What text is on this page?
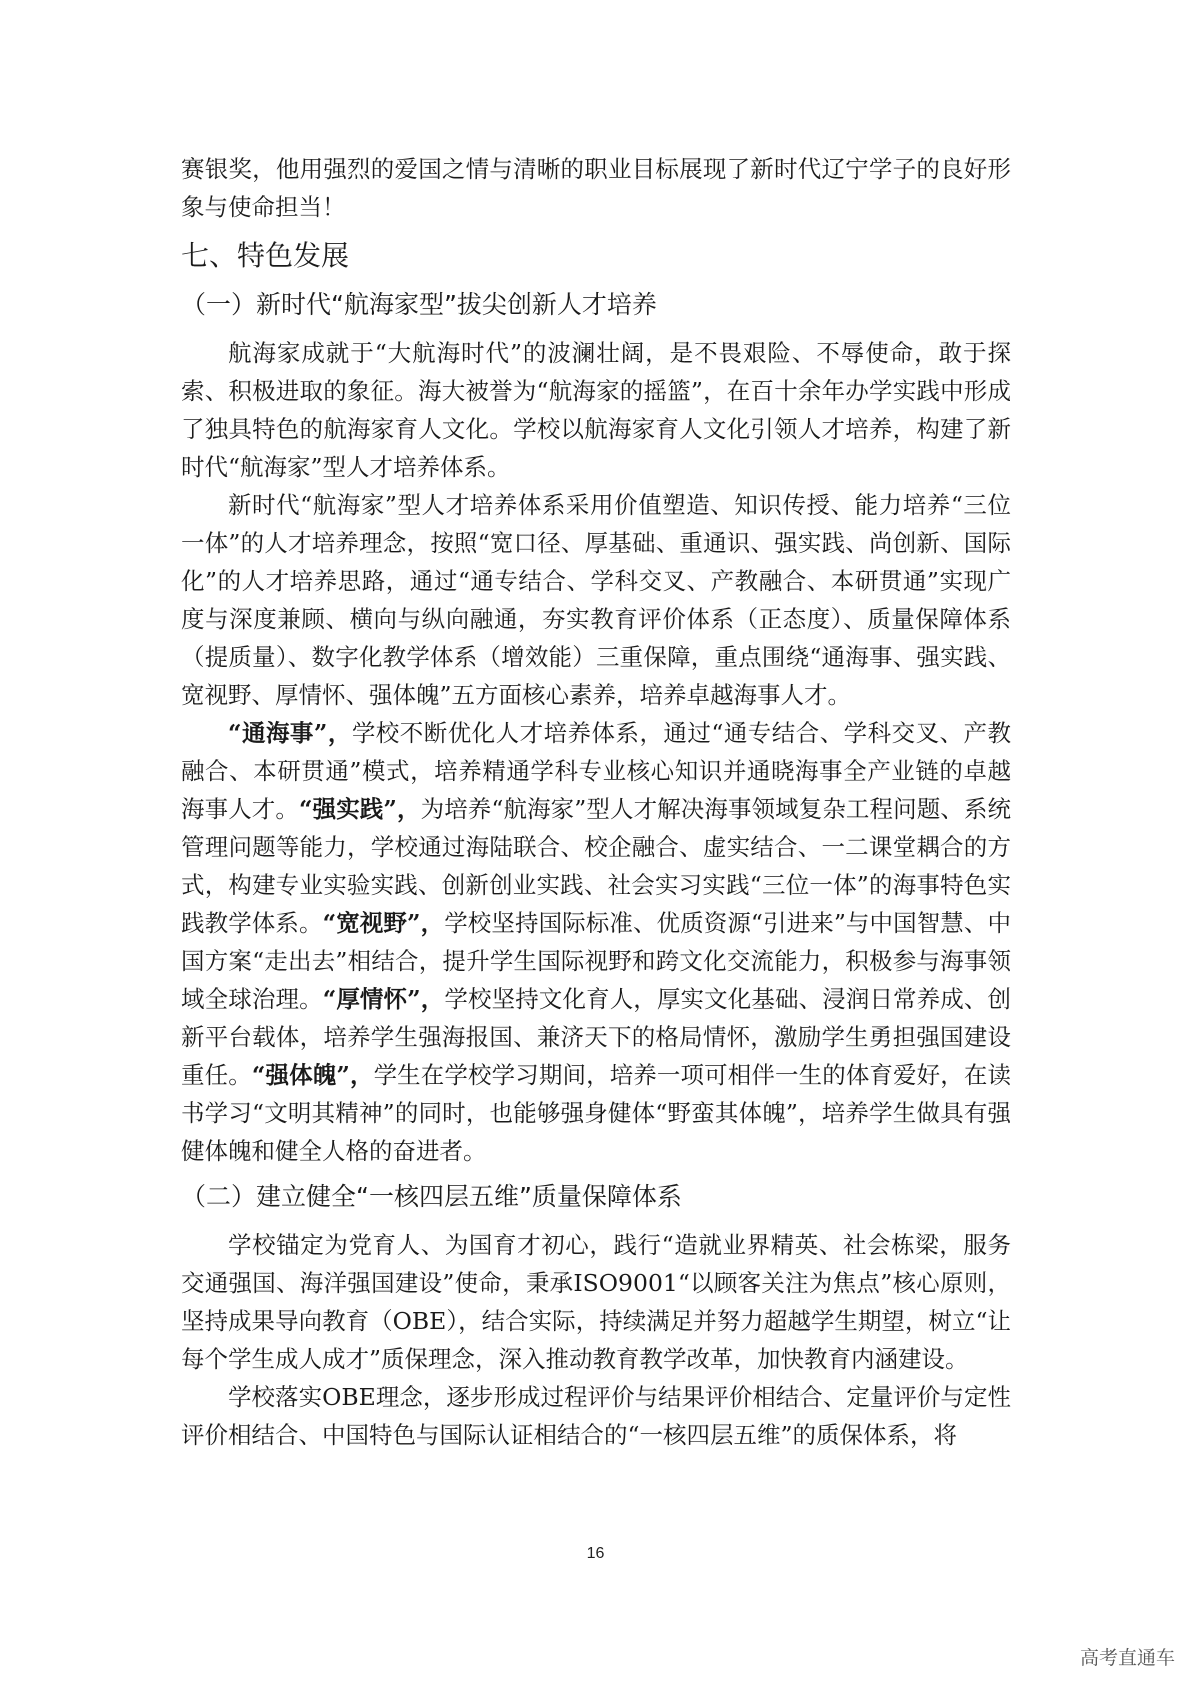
赛银奖，他用强烈的爱国之情与清晰的职业目标展现了新时代辽宁学子的良好形象与使命担当！

七、特色发展
（一）新时代“航海家型”拔尖创新人才培养

航海家成就于“大航海时代”的波澜壮阔，是不畏艰险、不辱使命，敢于探索、积极进取的象征。海大被誉为“航海家的摇篮”，在百十余年办学实践中形成了独具特色的航海家育人文化。学校以航海家育人文化引领人才培养，构建了新时代“航海家”型人才培养体系。

新时代“航海家”型人才培养体系采用价值塑造、知识传授、能力培养“三位一体”的人才培养理念，按照“宽口径、厚基础、重通识、强实践、尚创新、国际化”的人才培养思路，通过“通专结合、学科交叉、产教融合、本研贯通”实现广度与深度兼顾、横向与纵向融通，夯实教育评价体系（正态度）、质量保障体系（提质量）、数字化教学体系（增效能）三重保障，重点围绕“通海事、强实践、宽视野、厚情怀、强体魄”五方面核心素养，培养卓越海事人才。

“通海事”，学校不断优化人才培养体系，通过“通专结合、学科交叉、产教融合、本研贯通”模式，培养精通学科专业核心知识并通晓海事全产业链的卓越海事人才。“强实践”，为培养“航海家”型人才解决海事领域复杂工程问题、系统管理问题等能力，学校通过海陆联合、校企融合、虚实结合、一二课堂耦合的方式，构建专业实验实践、创新创业实践、社会实习实践“三位一体”的海事特色实践教学体系。“宽视野”，学校坚持国际标准、优质资源“引进来”与中国智慧、中国方案“走出去”相结合，提升学生国际视野和跨文化交流能力，积极参与海事领域全球治理。“厚情怀”，学校坚持文化育人，厚实文化基础、浸润日常养成、创新平台载体，培养学生强海报国、兼济天下的格局情怀，激励学生勇担强国建设重任。“强体魄”，学生在学校学习期间，培养一项可相伴一生的体育爱好，在读书学习“文明其精神”的同时，也能够强身健体“野蛮其体魄”，培养学生做具有强健体魄和健全人格的奋进者。

（二）建立健全“一核四层五维”质量保障体系

学校锚定为党育人、为国育才初心，践行“造就业界精英、社会栋梁，服务交通强国、海洋强国建设”使命，秉承ISO9001“以顾客关注为焦点”核心原则，坚持成果导向教育（OBE），结合实际，持续满足并努力超越学生期望，树立“让每个学生成人成才”质保理念，深入推动教育教学改革，加快教育内涵建设。

学校落实OBE理念，逐步形成过程评价与结果评价相结合、定量评价与定性评价相结合、中国特色与国际认证相结合的“一核四层五维”的质保体系，将

16
高考直通车
